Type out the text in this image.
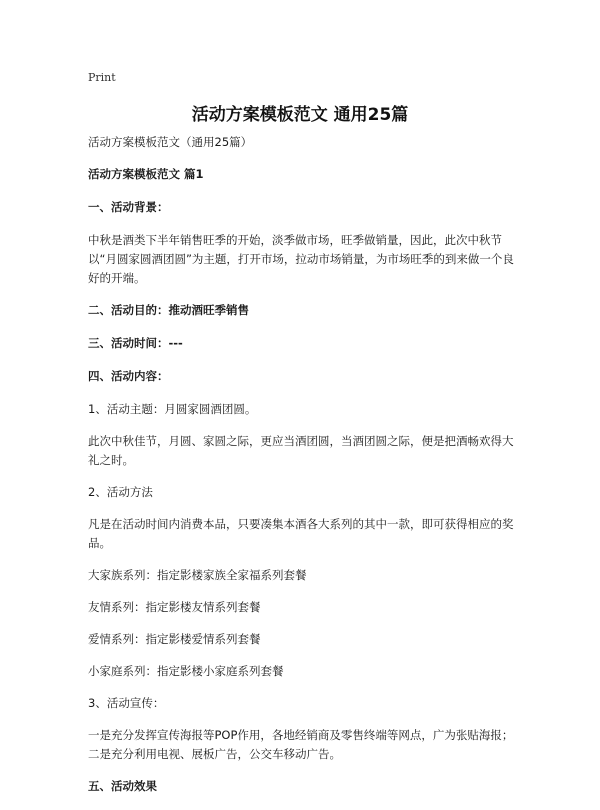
Print
活动方案模板范文 通用25篇

活动方案模板范文（通用25篇）

活动方案模板范文 篇1

一、活动背景：

中秋是酒类下半年销售旺季的开始，淡季做市场，旺季做销量，因此，此次中秋节以“月圆家圆酒团圆”为主题，打开市场，拉动市场销量，为市场旺季的到来做一个良好的开端。

二、活动目的：推动酒旺季销售

三、活动时间：---

四、活动内容：

1、活动主题：月圆家圆酒团圆。

此次中秋佳节，月圆、家圆之际，更应当酒团圆，当酒团圆之际，便是把酒畅欢得大礼之时。

2、活动方法

凡是在活动时间内消费本品，只要凑集本酒各大系列的其中一款，即可获得相应的奖品。

大家族系列：指定影楼家族全家福系列套餐

友情系列：指定影楼友情系列套餐

爱情系列：指定影楼爱情系列套餐

小家庭系列：指定影楼小家庭系列套餐

3、活动宣传：

一是充分发挥宣传海报等POP作用，各地经销商及零售终端等网点，广为张贴海报；二是充分利用电视、展板广告，公交车移动广告。

五、活动效果
